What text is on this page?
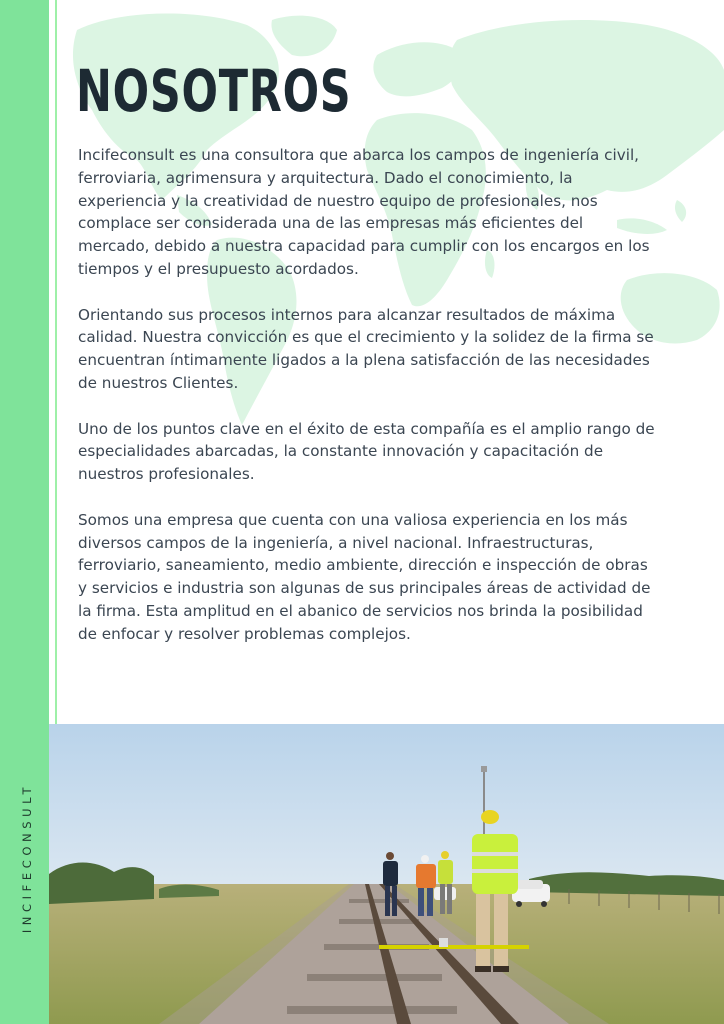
INCIFECONSULT
NOSOTROS

Incifeconsult es una consultora que abarca los campos de ingeniería civil, ferroviaria, agrimensura y arquitectura. Dado el conocimiento, la experiencia y la creatividad de nuestro equipo de profesionales, nos complace ser considerada una de las empresas más eficientes del mercado, debido a nuestra capacidad para cumplir con los encargos en los tiempos y el presupuesto acordados.

Orientando sus procesos internos para alcanzar resultados de máxima calidad. Nuestra convicción es que el crecimiento y la solidez de la firma se encuentran íntimamente ligados a la plena satisfacción de las necesidades de nuestros Clientes.

Uno de los puntos clave en el éxito de esta compañía es el amplio rango de especialidades abarcadas, la constante innovación y capacitación de nuestros profesionales.

Somos una empresa que cuenta con una valiosa experiencia en los más diversos campos de la ingeniería, a nivel nacional. Infraestructuras, ferroviario, saneamiento, medio ambiente, dirección e inspección de obras y servicios e industria son algunas de sus principales áreas de actividad de la firma. Esta amplitud en el abanico de servicios nos brinda la posibilidad de enfocar y resolver problemas complejos.
